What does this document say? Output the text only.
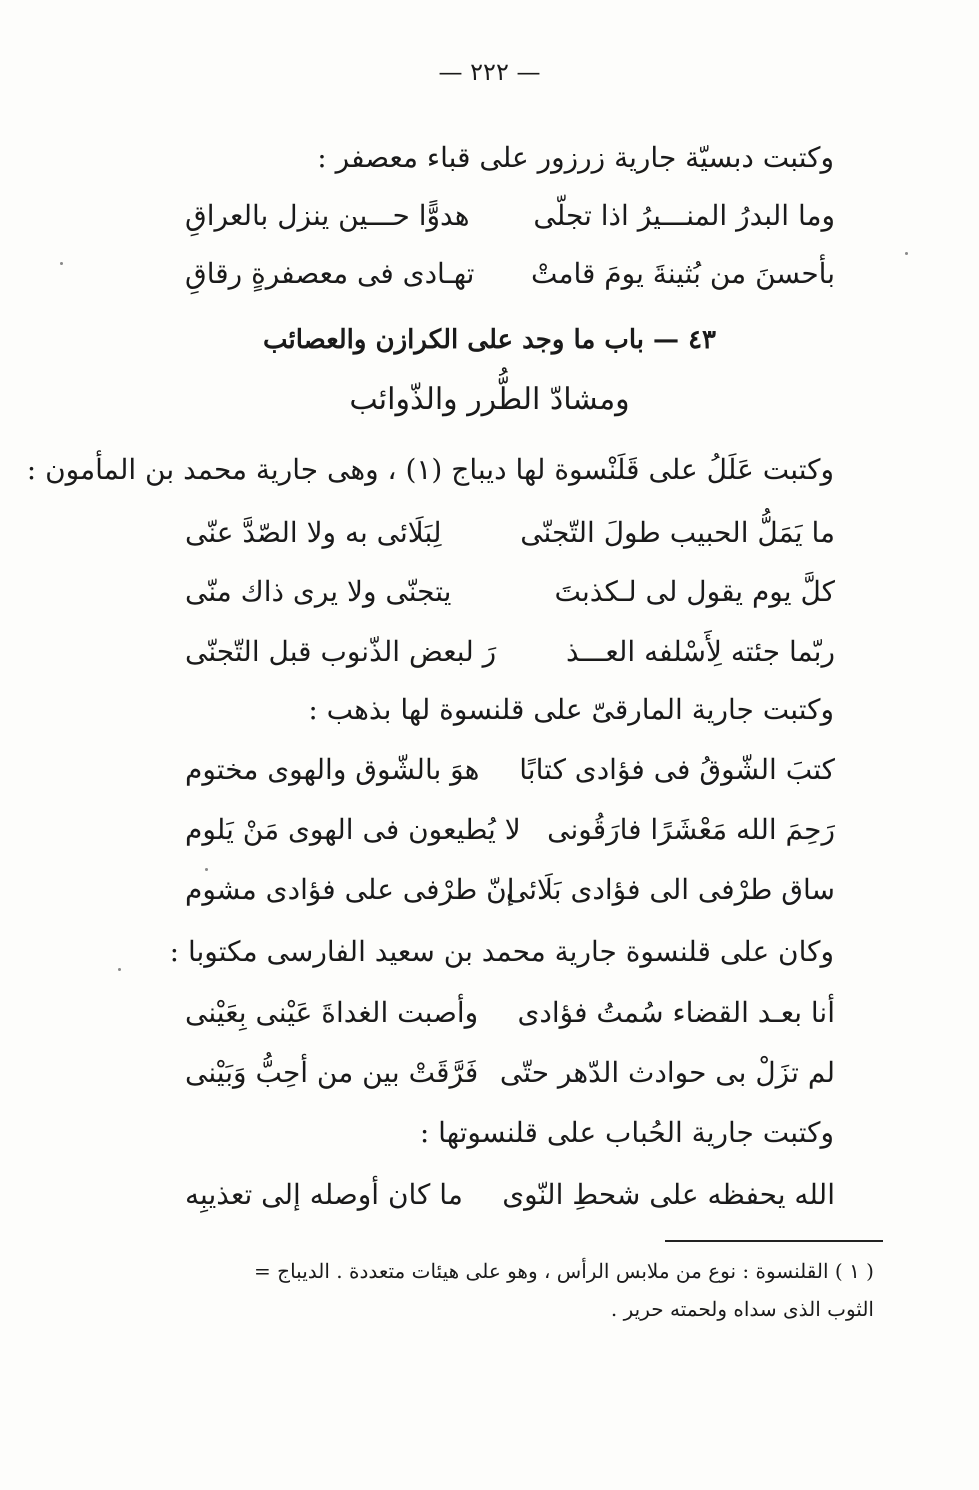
— ٢٢٢ —
وكتبت دبسيّة جارية زرزور على قباء معصفر :
وما البدرُ المنـــيرُ اذا تجلّى
هدوًّا حـــين ينزل بالعراقِ
بأحسنَ من بُثينةَ يومَ قامتْ
تهـادى فى معصفرةٍ رقاقِ
٤٣ — باب ما وجد على الكرازن والعصائب
ومشادّ الطُّرر والذّوائب
وكتبت عَلَلُ على قَلَنْسوة لها ديباج (١) ، وهى جارية محمد بن المأمون :
ما يَمَلُّ الحبيب طولَ التّجنّى
لِبَلَائى به ولا الصّدَّ عنّى
كلَّ يوم يقول لى لـكذبتَ
يتجنّى ولا يرى ذاك منّى
ربّما جئته لِأَسْلفه العـــذ
رَ لبعض الذّنوب قبل التّجنّى
وكتبت جارية المارقىّ على قلنسوة لها بذهب :
كتبَ الشّوقُ فى فؤادى كتابًا
هوَ بالشّوق والهوى مختوم
رَحِمَ الله مَعْشَرًا فارَقُونى
لا يُطيعون فى الهوى مَنْ يَلوم
ساق طرْفى الى فؤادى بَلَائى
إنّ طرْفى على فؤادى مشوم
وكان على قلنسوة جارية محمد بن سعيد الفارسى مكتوبا :
أنا بعـد القضاء سُمتُ فؤادى
وأصبت الغداةَ عَيْنى بِعَيْنى
لم تزَلْ بى حوادث الدّهر حتّى
فَرَّقَتْ بين من أحِبُّ وَبَيْنى
وكتبت جارية الحُباب على قلنسوتها :
الله يحفظه على شحطِ النّوى
ما كان أوصله إلى تعذيبِه
( ١ ) القلنسوة : نوع من ملابس الرأس ، وهو على هيئات متعددة . الديباج =
الثوب الذى سداه ولحمته حرير .
